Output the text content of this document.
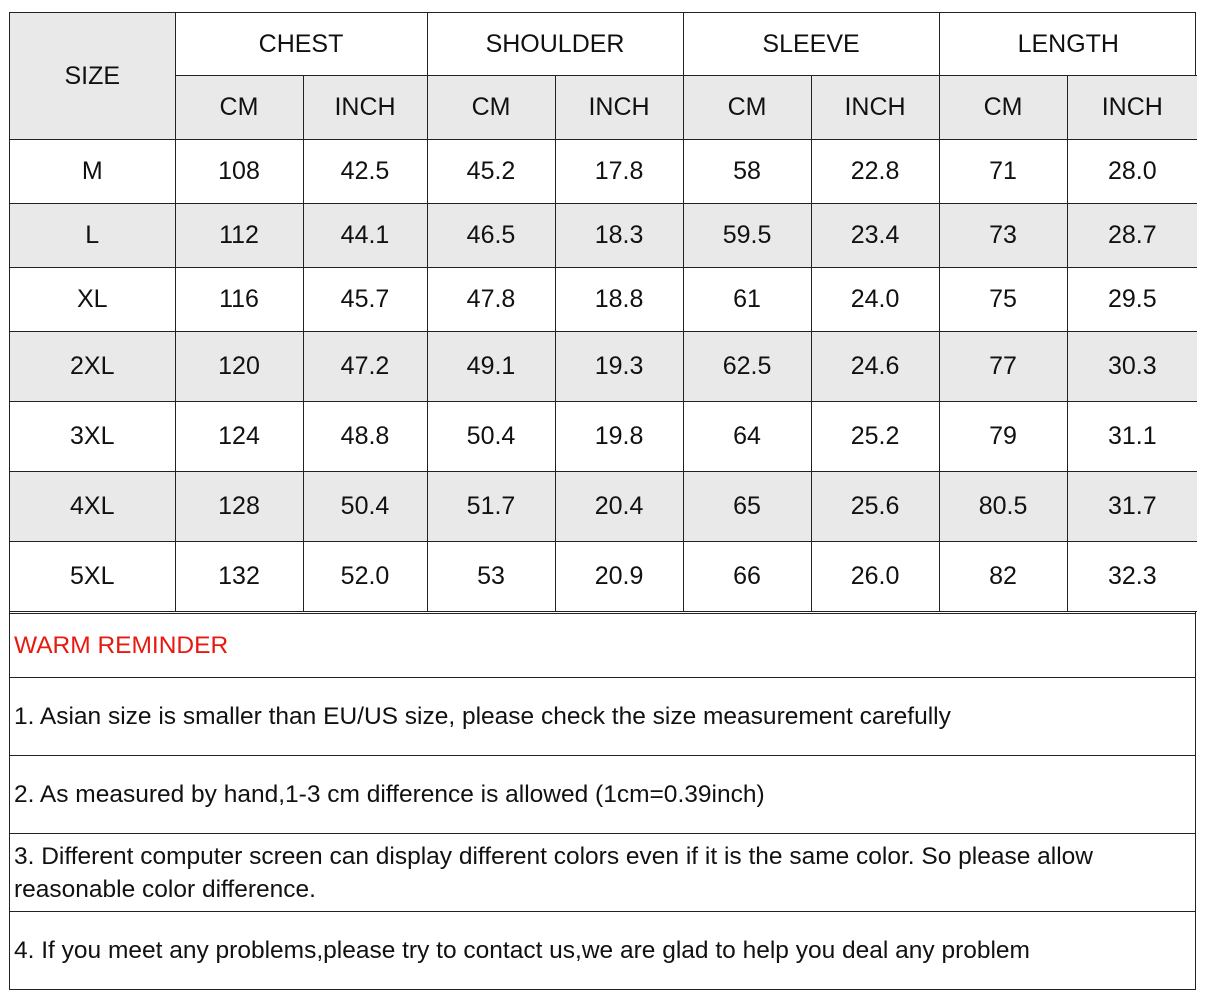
SIZE	CHEST		SHOULDER		SLEEVE		LENGTH	
	CM	INCH	CM	INCH	CM	INCH	CM	INCH
M	108	42.5	45.2	17.8	58	22.8	71	28.0
L	112	44.1	46.5	18.3	59.5	23.4	73	28.7
XL	116	45.7	47.8	18.8	61	24.0	75	29.5
2XL	120	47.2	49.1	19.3	62.5	24.6	77	30.3
3XL	124	48.8	50.4	19.8	64	25.2	79	31.1
4XL	128	50.4	51.7	20.4	65	25.6	80.5	31.7
5XL	132	52.0	53	20.9	66	26.0	82	32.3
WARM REMINDER
1. Asian size is smaller than EU/US size, please check the size measurement carefully
2. As measured by hand,1-3 cm difference is allowed (1cm=0.39inch)
3. Different computer screen can display different colors even if it is the same color. So please allow reasonable color difference.
4. If you meet any problems,please try to contact us,we are glad to help you deal any problem
